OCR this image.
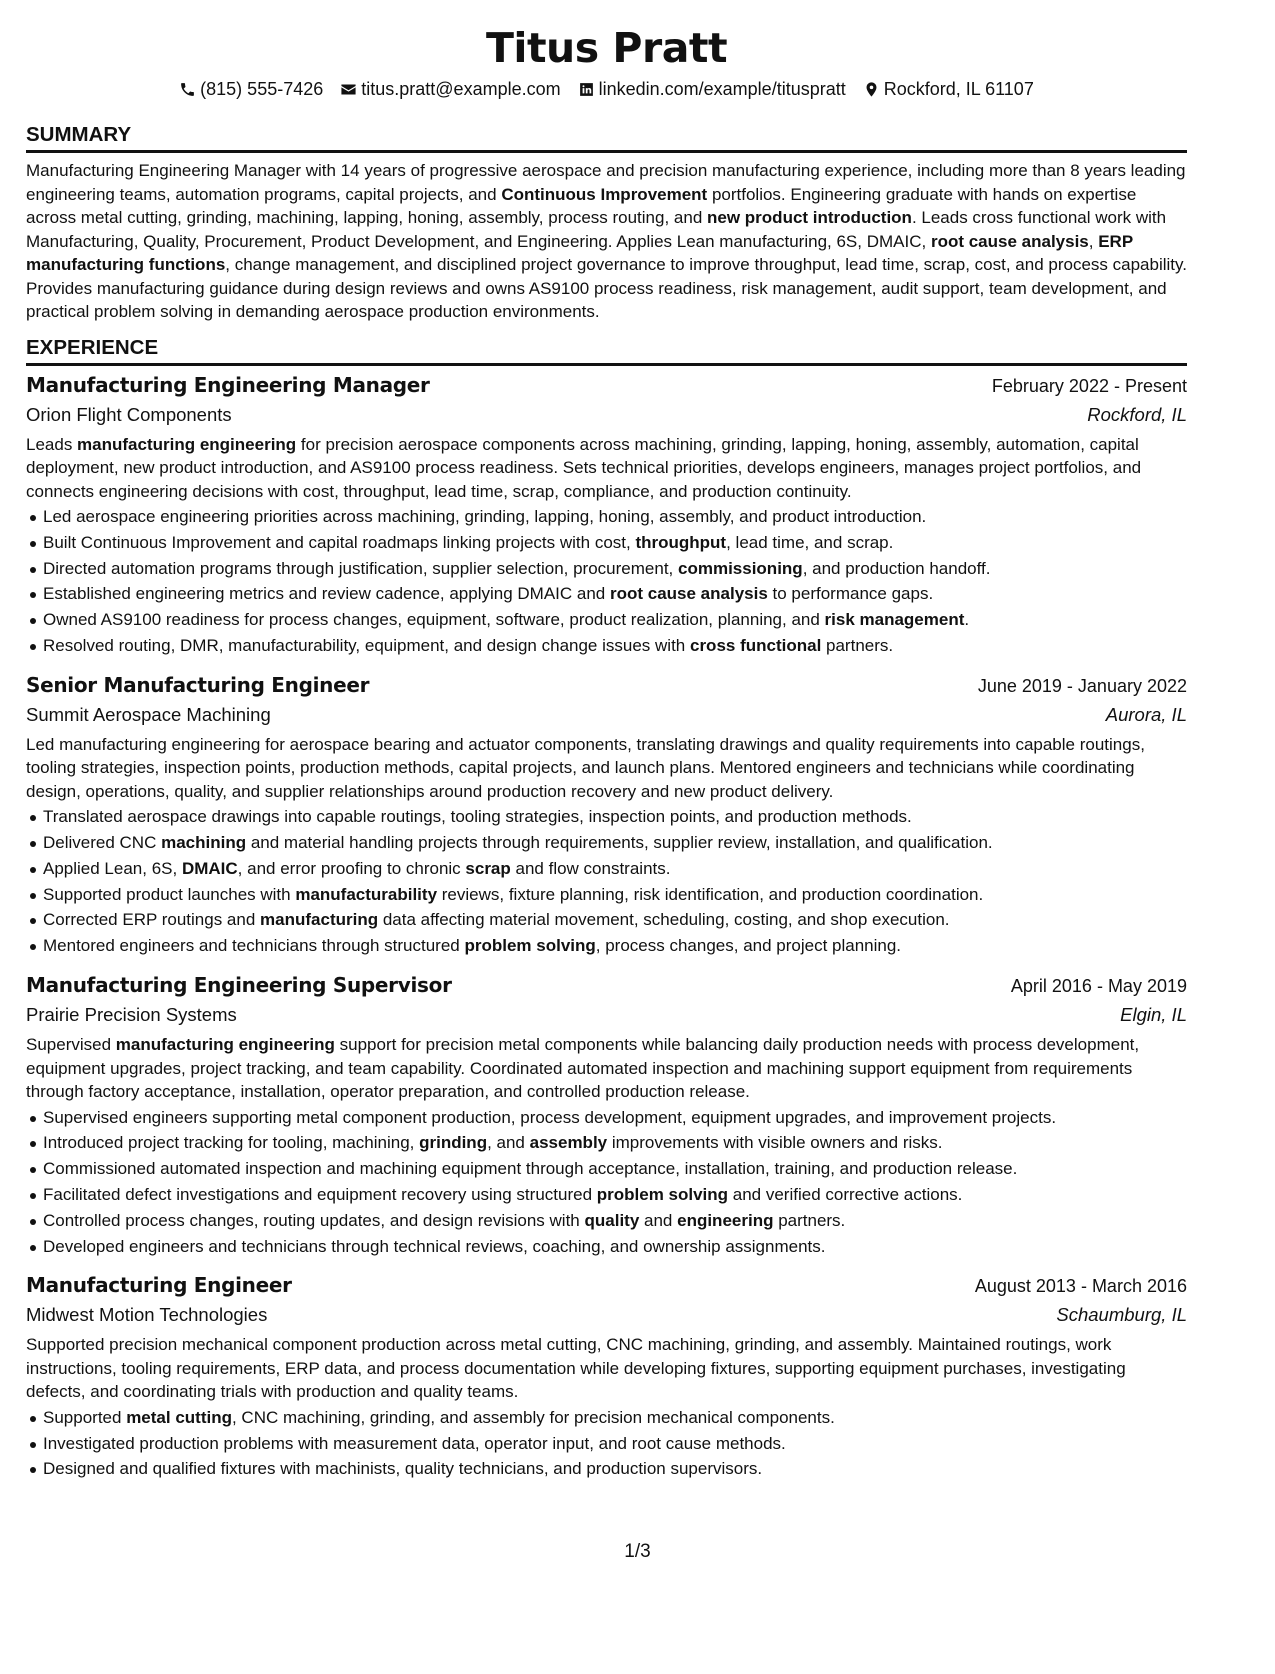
Titus Pratt
(815) 555-7426 titus.pratt@example.com linkedin.com/example/tituspratt Rockford, IL 61107
SUMMARY

Manufacturing Engineering Manager with 14 years of progressive aerospace and precision manufacturing experience, including more than 8 years leading engineering teams, automation programs, capital projects, and Continuous Improvement portfolios. Engineering graduate with hands on expertise across metal cutting, grinding, machining, lapping, honing, assembly, process routing, and new product introduction. Leads cross functional work with Manufacturing, Quality, Procurement, Product Development, and Engineering. Applies Lean manufacturing, 6S, DMAIC, root cause analysis, ERP manufacturing functions, change management, and disciplined project governance to improve throughput, lead time, scrap, cost, and process capability. Provides manufacturing guidance during design reviews and owns AS9100 process readiness, risk management, audit support, team development, and practical problem solving in demanding aerospace production environments.

EXPERIENCE
Manufacturing Engineering Manager	February 2022 - Present
Orion Flight Components	Rockford, IL

Leads manufacturing engineering for precision aerospace components across machining, grinding, lapping, honing, assembly, automation, capital deployment, new product introduction, and AS9100 process readiness. Sets technical priorities, develops engineers, manages project portfolios, and connects engineering decisions with cost, throughput, lead time, scrap, compliance, and production continuity.

Led aerospace engineering priorities across machining, grinding, lapping, honing, assembly, and product introduction.
Built Continuous Improvement and capital roadmaps linking projects with cost, throughput, lead time, and scrap.
Directed automation programs through justification, supplier selection, procurement, commissioning, and production handoff.
Established engineering metrics and review cadence, applying DMAIC and root cause analysis to performance gaps.
Owned AS9100 readiness for process changes, equipment, software, product realization, planning, and risk management.
Resolved routing, DMR, manufacturability, equipment, and design change issues with cross functional partners.
Senior Manufacturing Engineer	June 2019 - January 2022
Summit Aerospace Machining	Aurora, IL

Led manufacturing engineering for aerospace bearing and actuator components, translating drawings and quality requirements into capable routings, tooling strategies, inspection points, production methods, capital projects, and launch plans. Mentored engineers and technicians while coordinating design, operations, quality, and supplier relationships around production recovery and new product delivery.

Translated aerospace drawings into capable routings, tooling strategies, inspection points, and production methods.
Delivered CNC machining and material handling projects through requirements, supplier review, installation, and qualification.
Applied Lean, 6S, DMAIC, and error proofing to chronic scrap and flow constraints.
Supported product launches with manufacturability reviews, fixture planning, risk identification, and production coordination.
Corrected ERP routings and manufacturing data affecting material movement, scheduling, costing, and shop execution.
Mentored engineers and technicians through structured problem solving, process changes, and project planning.
Manufacturing Engineering Supervisor	April 2016 - May 2019
Prairie Precision Systems	Elgin, IL

Supervised manufacturing engineering support for precision metal components while balancing daily production needs with process development, equipment upgrades, project tracking, and team capability. Coordinated automated inspection and machining support equipment from requirements through factory acceptance, installation, operator preparation, and controlled production release.

Supervised engineers supporting metal component production, process development, equipment upgrades, and improvement projects.
Introduced project tracking for tooling, machining, grinding, and assembly improvements with visible owners and risks.
Commissioned automated inspection and machining equipment through acceptance, installation, training, and production release.
Facilitated defect investigations and equipment recovery using structured problem solving and verified corrective actions.
Controlled process changes, routing updates, and design revisions with quality and engineering partners.
Developed engineers and technicians through technical reviews, coaching, and ownership assignments.
Manufacturing Engineer	August 2013 - March 2016
Midwest Motion Technologies	Schaumburg, IL

Supported precision mechanical component production across metal cutting, CNC machining, grinding, and assembly. Maintained routings, work instructions, tooling requirements, ERP data, and process documentation while developing fixtures, supporting equipment purchases, investigating defects, and coordinating trials with production and quality teams.

Supported metal cutting, CNC machining, grinding, and assembly for precision mechanical components.
Investigated production problems with measurement data, operator input, and root cause methods.
Designed and qualified fixtures with machinists, quality technicians, and production supervisors.
1/3
